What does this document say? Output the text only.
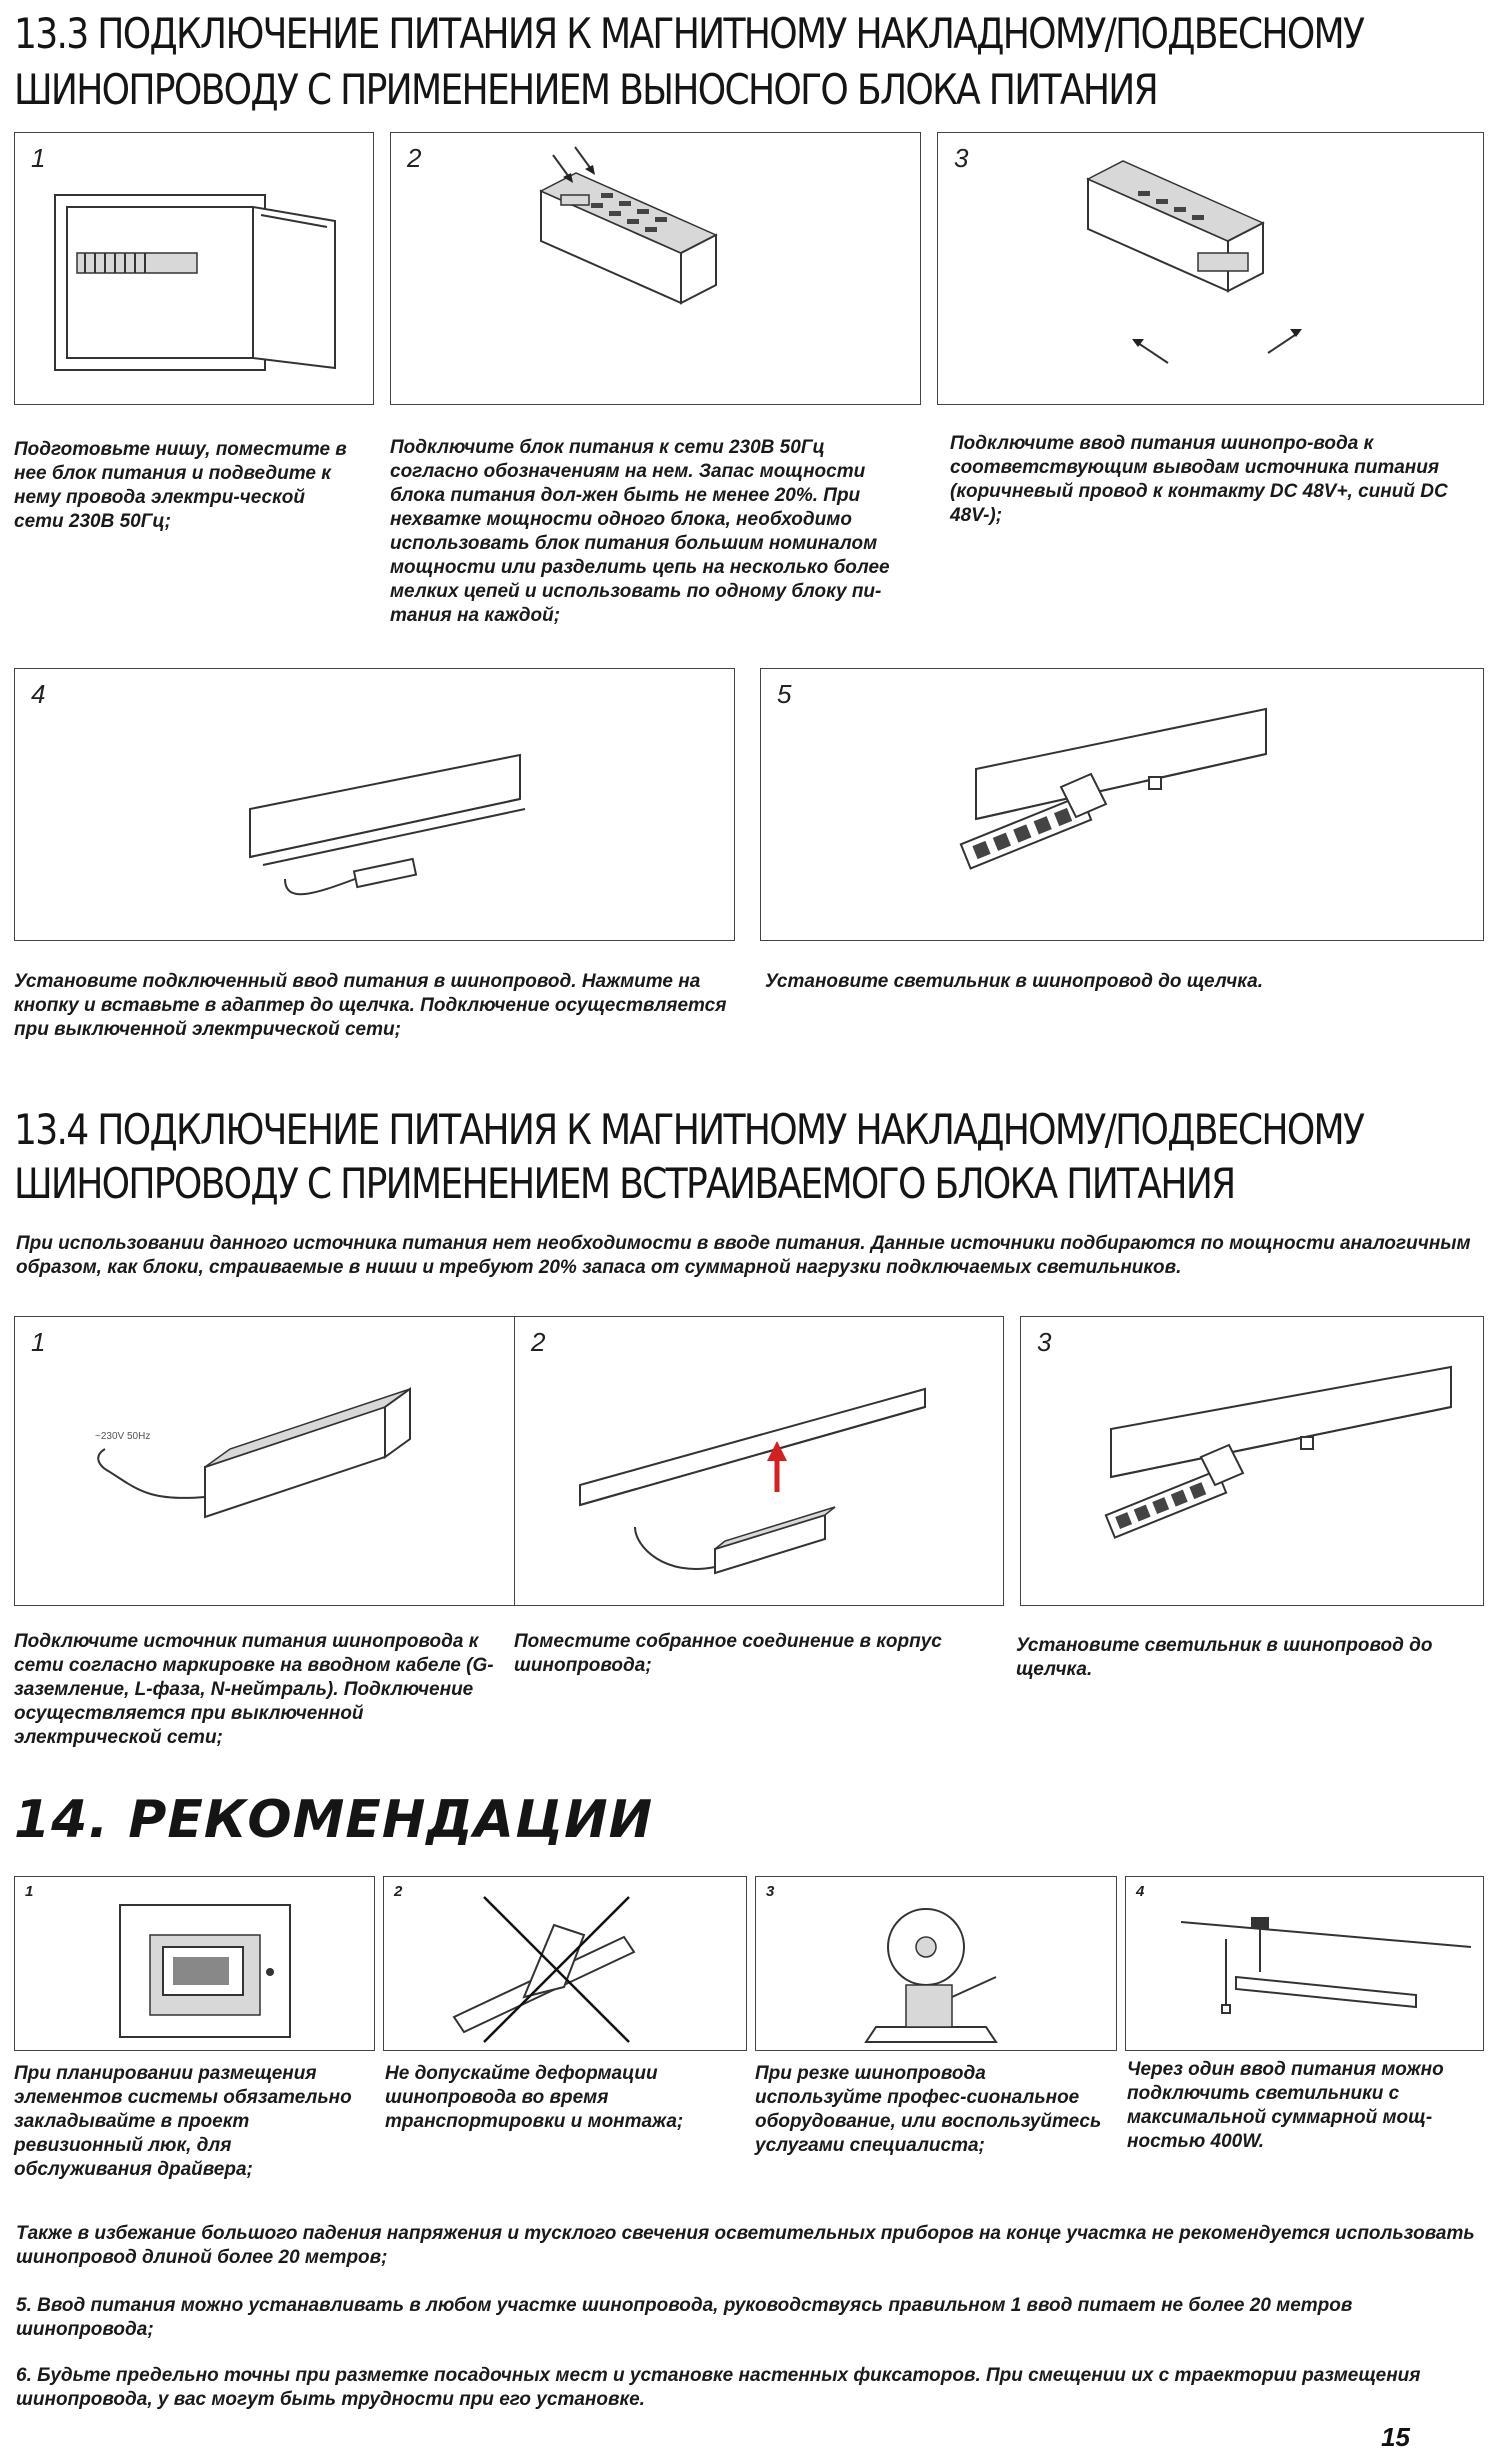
13.3 ПОДКЛЮЧЕНИЕ ПИТАНИЯ К МАГНИТНОМУ НАКЛАДНОМУ/ПОДВЕСНОМУ
ШИНОПРОВОДУ С ПРИМЕНЕНИЕМ ВЫНОСНОГО БЛОКА ПИТАНИЯ
1	2	3

Подготовьте нишу, поместите в нее блок питания и подведите к нему провода электри-ческой сети 230В 50Гц;

Подключите блок питания к сети 230В 50Гц согласно обозначениям на нем. Запас мощности блока питания дол-жен быть не менее 20%. При нехватке мощности одного блока, необходимо использовать блок питания большим номиналом мощности или разделить цепь на несколько более мелких цепей и использовать по одному блоку пи-тания на каждой;

Подключите ввод питания шинопро-вода к соответствующим выводам источника питания (коричневый провод к контакту DC 48V+, синий DC 48V-);

4	5

Установите подключенный ввод питания в шинопровод. Нажмите на кнопку и вставьте в адаптер до щелчка. Подключение осуществляется при выключенной электрической сети;

Установите светильник в шинопровод до щелчка.

13.4 ПОДКЛЮЧЕНИЕ ПИТАНИЯ К МАГНИТНОМУ НАКЛАДНОМУ/ПОДВЕСНОМУ
ШИНОПРОВОДУ С ПРИМЕНЕНИЕМ ВСТРАИВАЕМОГО БЛОКА ПИТАНИЯ

При использовании данного источника питания нет необходимости в вводе питания. Данные источники подбираются по мощности аналогичным образом, как блоки, страиваемые в ниши и требуют 20% запаса от суммарной нагрузки подключаемых светильников.

1
~230V 50Hz
2	3

Подключите источник питания шинопровода к сети согласно маркировке на вводном кабеле (G-заземление, L-фаза, N-нейтраль). Подключение осуществляется при выключенной электрической сети;

Поместите собранное соединение в корпус шинопровода;

Установите светильник в шинопровод до щелчка.

14. РЕКОМЕНДАЦИИ
1	2	3	4

При планировании размещения элементов системы обязательно закладывайте в проект ревизионный люк, для обслуживания драйвера;

Не допускайте деформации шинопровода во время транспортировки и монтажа;

При резке шинопровода используйте профес-сиональное оборудование, или воспользуйтесь услугами специалиста;

Через один ввод питания можно подключить светильники с максимальной суммарной мощ-ностью 400W.

Также в избежание большого падения напряжения и тусклого свечения осветительных приборов на конце участка не рекомендуется использовать шинопровод длиной более 20 метров;

5. Ввод питания можно устанавливать в любом участке шинопровода, руководствуясь правильном 1 ввод питает не более 20 метров шинопровода;

6. Будьте предельно точны при разметке посадочных мест и установке настенных фиксаторов. При смещении их с траектории размещения шинопровода, у вас могут быть трудности при его установке.

15
